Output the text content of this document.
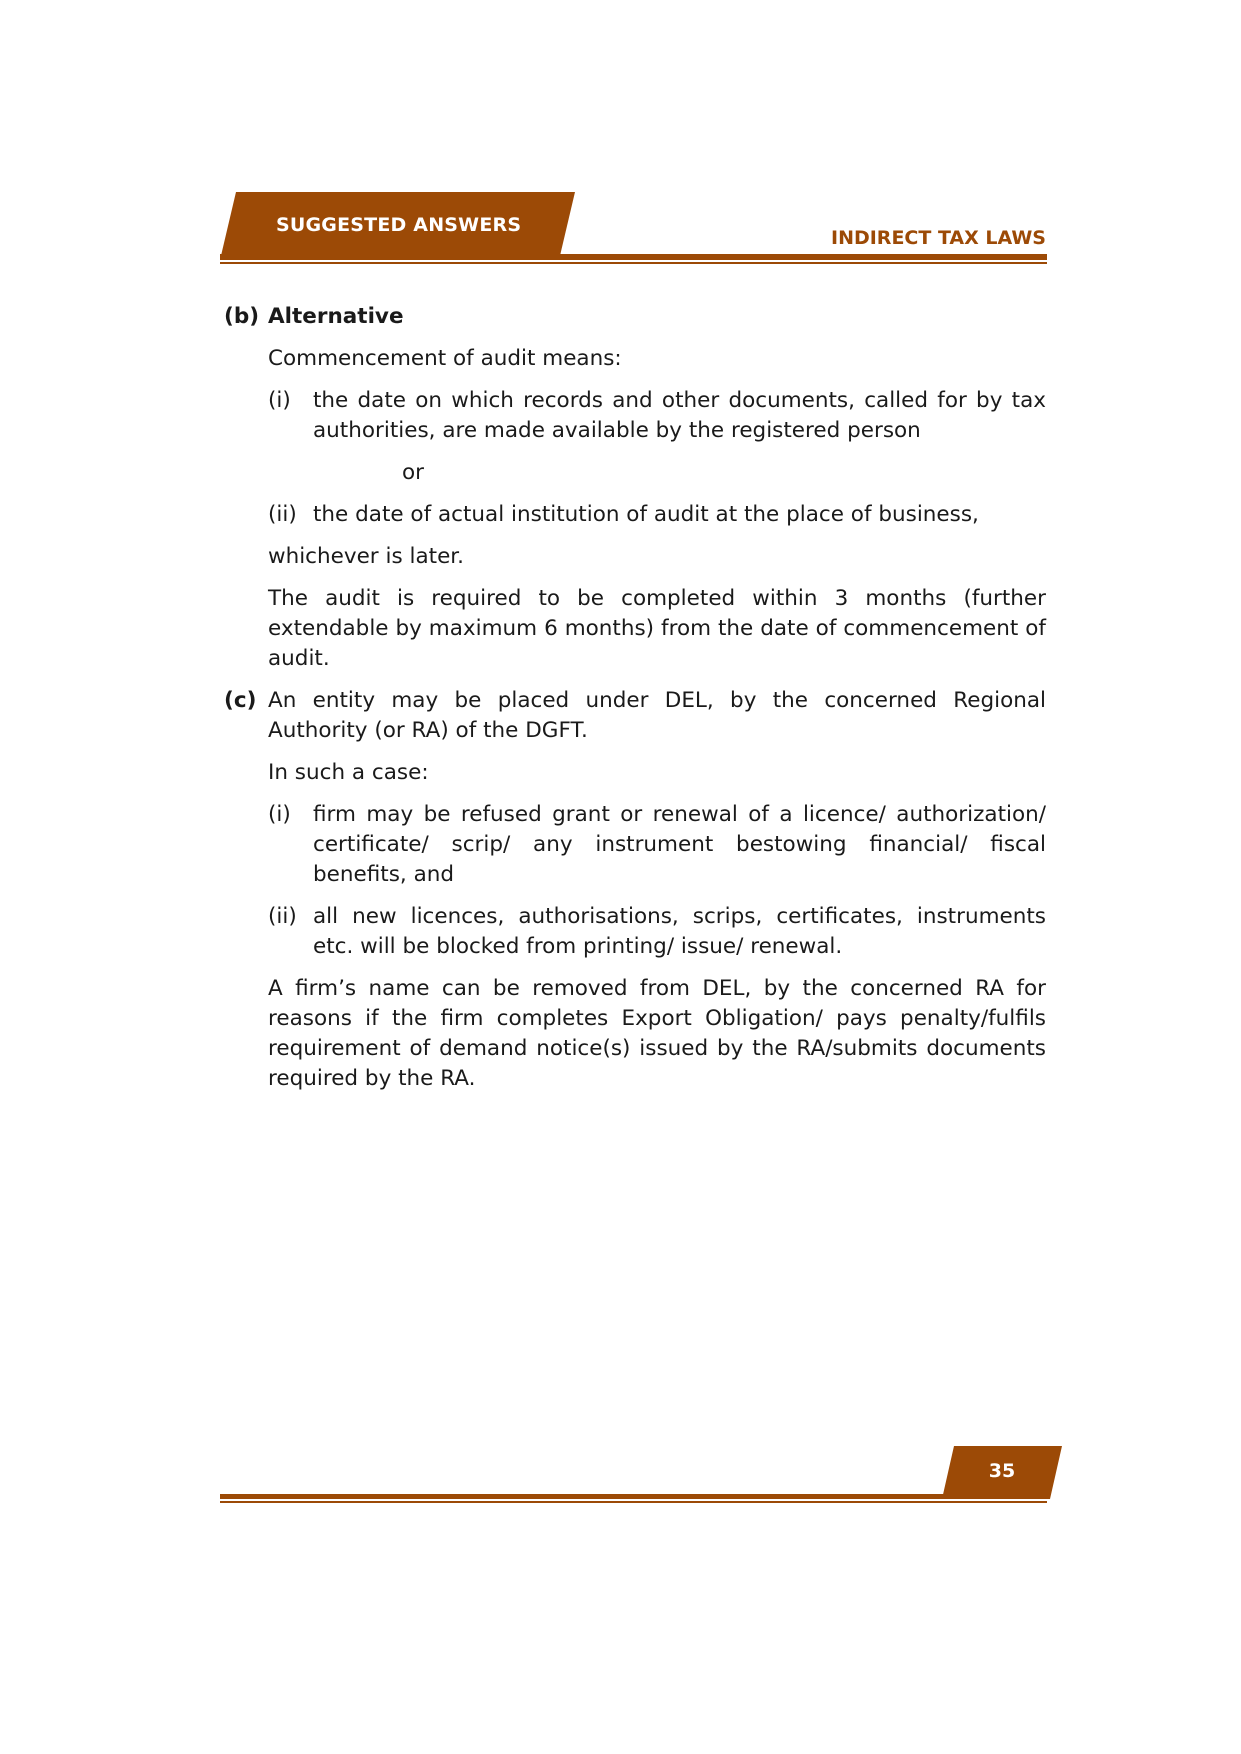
SUGGESTED ANSWERS
INDIRECT TAX LAWS
(b) Alternative

Commencement of audit means:

(i) the date on which records and other documents, called for by tax authorities, are made available by the registered person
or
(ii) the date of actual institution of audit at the place of business,

whichever is later.

The audit is required to be completed within 3 months (further extendable by maximum 6 months) from the date of commencement of audit.

(c) An entity may be placed under DEL, by the concerned Regional Authority (or RA) of the DGFT.

In such a case:

(i) firm may be refused grant or renewal of a licence/ authorization/ certificate/ scrip/ any instrument bestowing financial/ fiscal benefits, and
(ii) all new licences, authorisations, scrips, certificates, instruments etc. will be blocked from printing/ issue/ renewal.

A firm’s name can be removed from DEL, by the concerned RA for reasons if the firm completes Export Obligation/ pays penalty/fulfils requirement of demand notice(s) issued by the RA/submits documents required by the RA.

35
